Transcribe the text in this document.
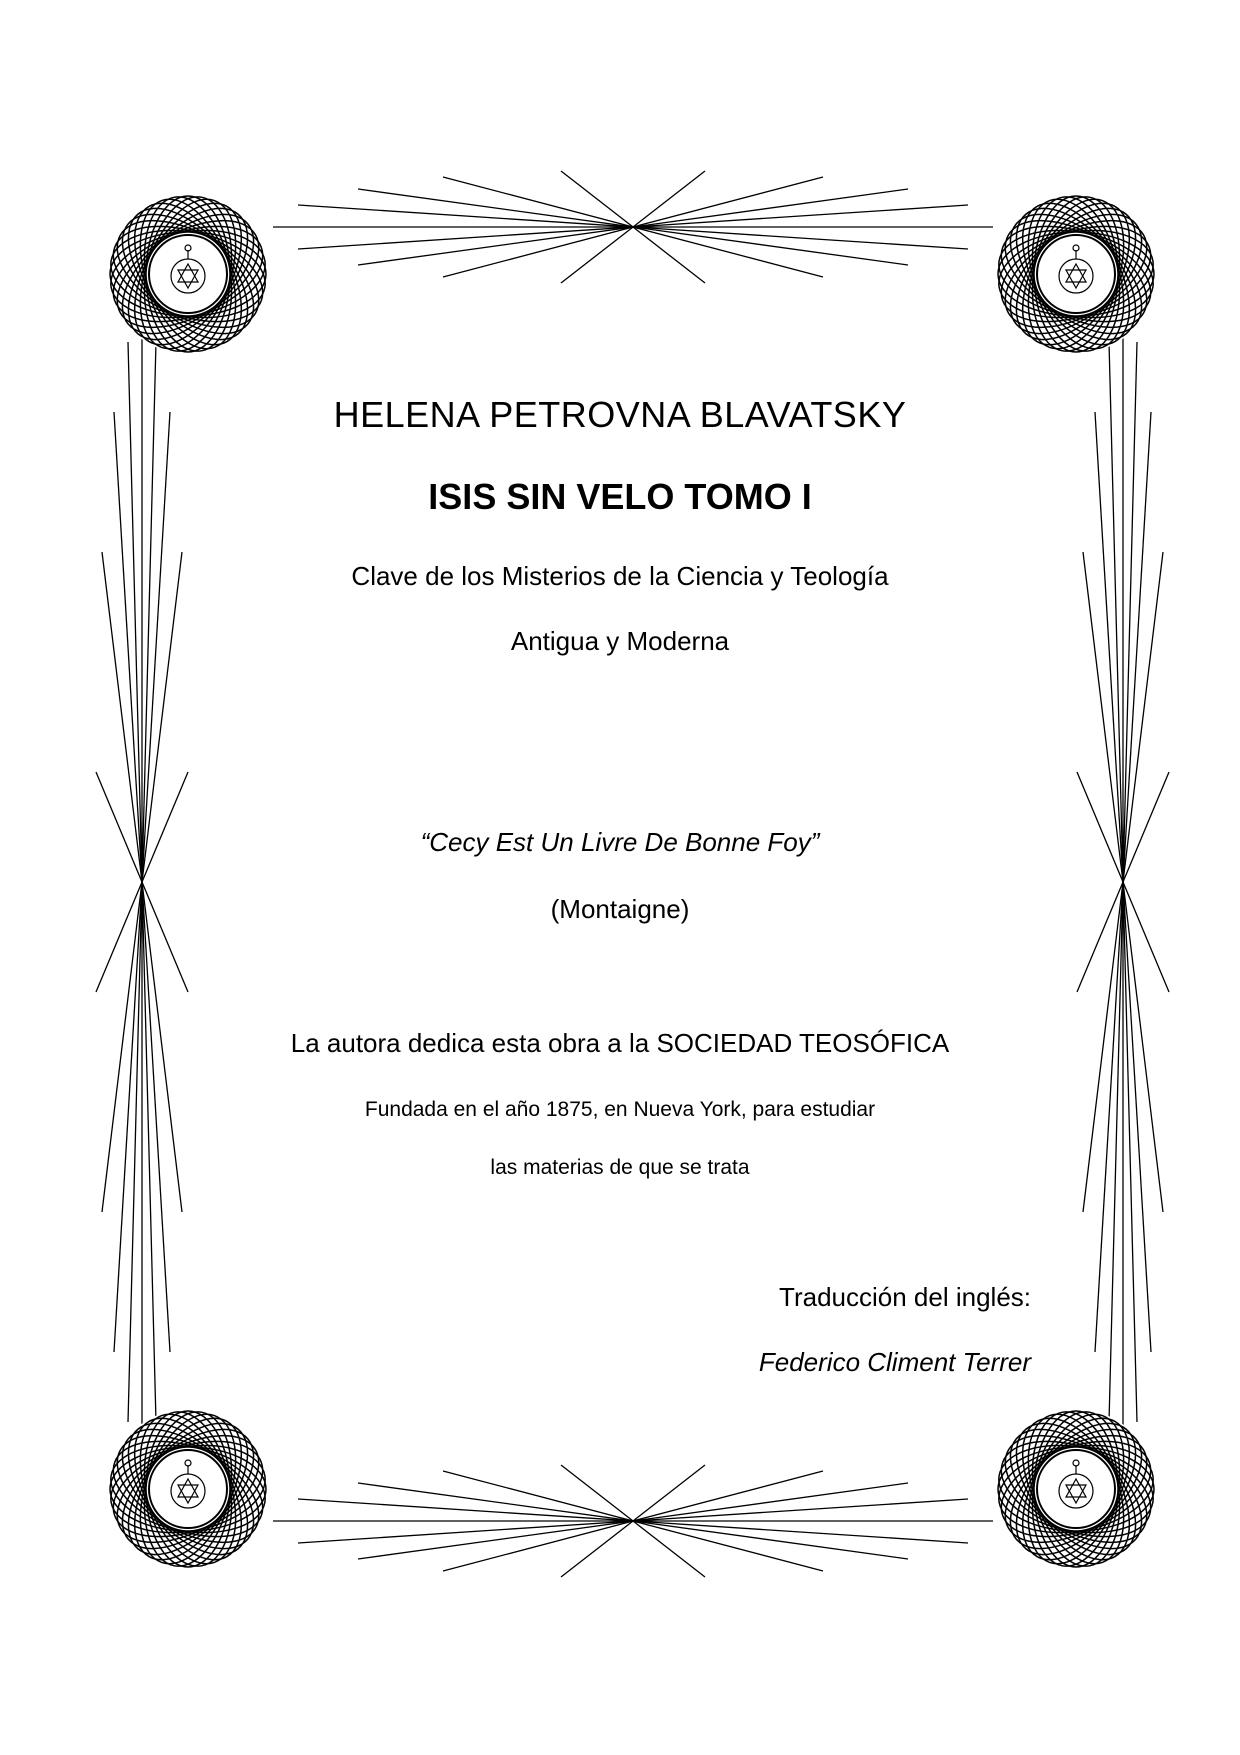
HELENA PETROVNA BLAVATSKY
ISIS SIN VELO TOMO I
Clave de los Misterios de la Ciencia y Teología
Antigua y Moderna
“Cecy Est Un Livre De Bonne Foy”
(Montaigne)
La autora dedica esta obra a la SOCIEDAD TEOSÓFICA
Fundada en el año 1875, en Nueva York, para estudiar
las materias de que se trata
Traducción del inglés:
Federico Climent Terrer
